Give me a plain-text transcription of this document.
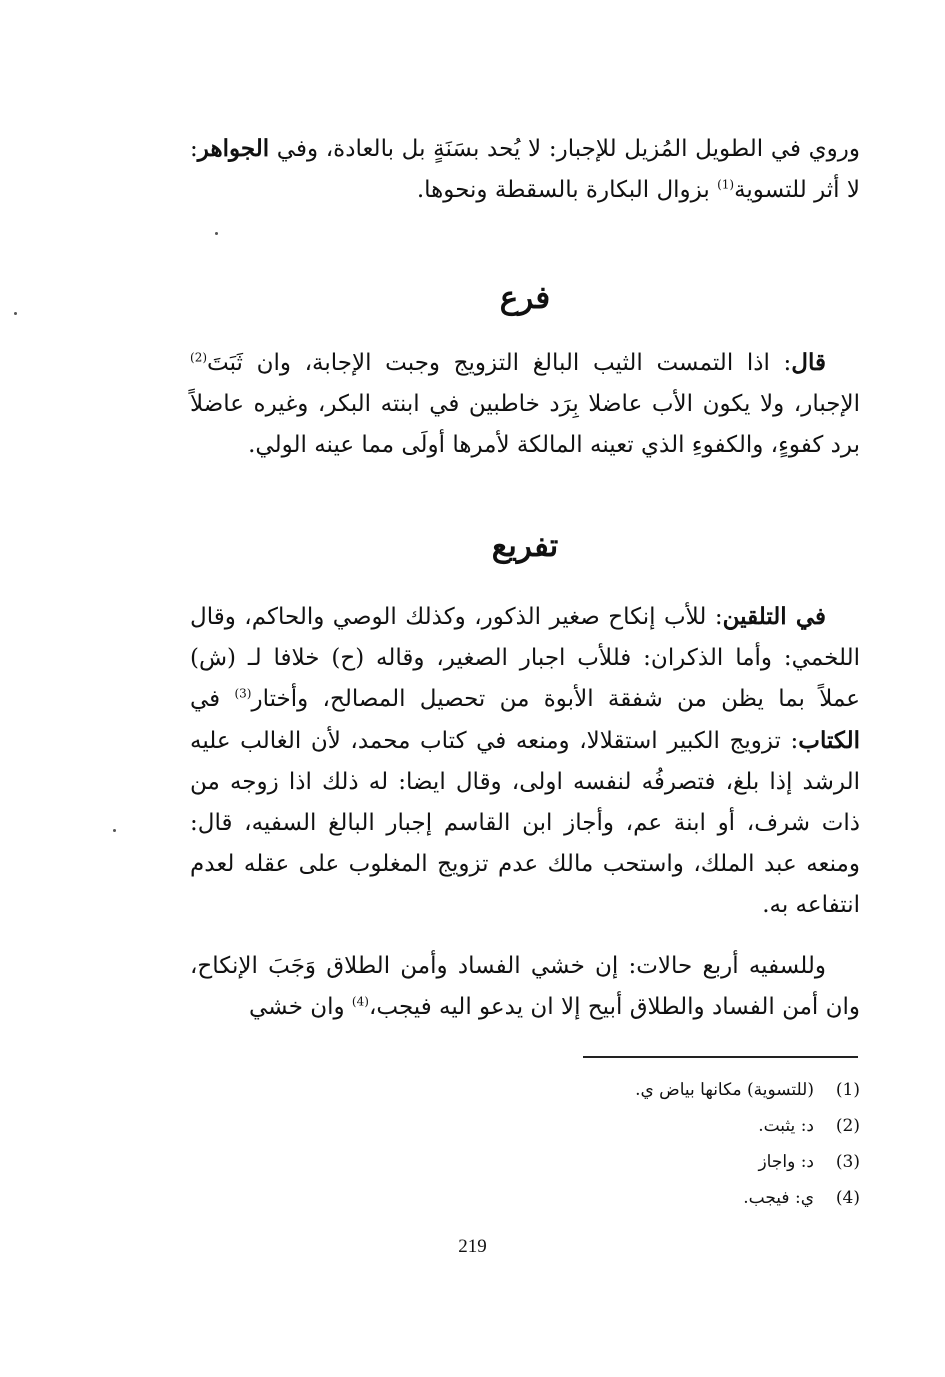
وروي في الطويل المُزيل للإجبار: لا يُحد بسَنَةٍ بل بالعادة، وفي الجواهر: لا أثر للتسوية$^{(1)}$ بزوال البكارة بالسقطة ونحوها.

فرع

قال: اذا التمست الثيب البالغ التزويج وجبت الإجابة، وان ثَبَتَ$^{(2)}$ الإجبار، ولا يكون الأب عاضلا بِرَد خاطبين في ابنته البكر، وغيره عاضلاً برد كفوءٍ، والكفوءِ الذي تعينه المالكة لأمرها أولَى مما عينه الولي.

تفريع

في التلقين: للأب إنكاح صغير الذكور، وكذلك الوصي والحاكم، وقال اللخمي: وأما الذكران: فللأب اجبار الصغير، وقاله (ح) خلافا لـ (ش) عملاً بما يظن من شفقة الأبوة من تحصيل المصالح، وأختار$^{(3)}$ في الكتاب: تزويج الكبير استقلالا، ومنعه في كتاب محمد، لأن الغالب عليه الرشد إذا بلغ، فتصرفُه لنفسه اولى، وقال ايضا: له ذلك اذا زوجه من ذات شرف، أو ابنة عم، وأجاز ابن القاسم إجبار البالغ السفيه، قال: ومنعه عبد الملك، واستحب مالك عدم تزويج المغلوب على عقله لعدم انتفاعه به.

وللسفيه أربع حالات: إن خشي الفساد وأمن الطلاق وَجَبَ الإنكاح، وان أمن الفساد والطلاق أبيح إلا ان يدعو اليه فيجب،$^{(4)}$ وان خشي

(1)(للتسوية) مكانها بياض ي.
(2)د: يثبت.
(3)د: واجاز
(4)ي: فيجب.
219
